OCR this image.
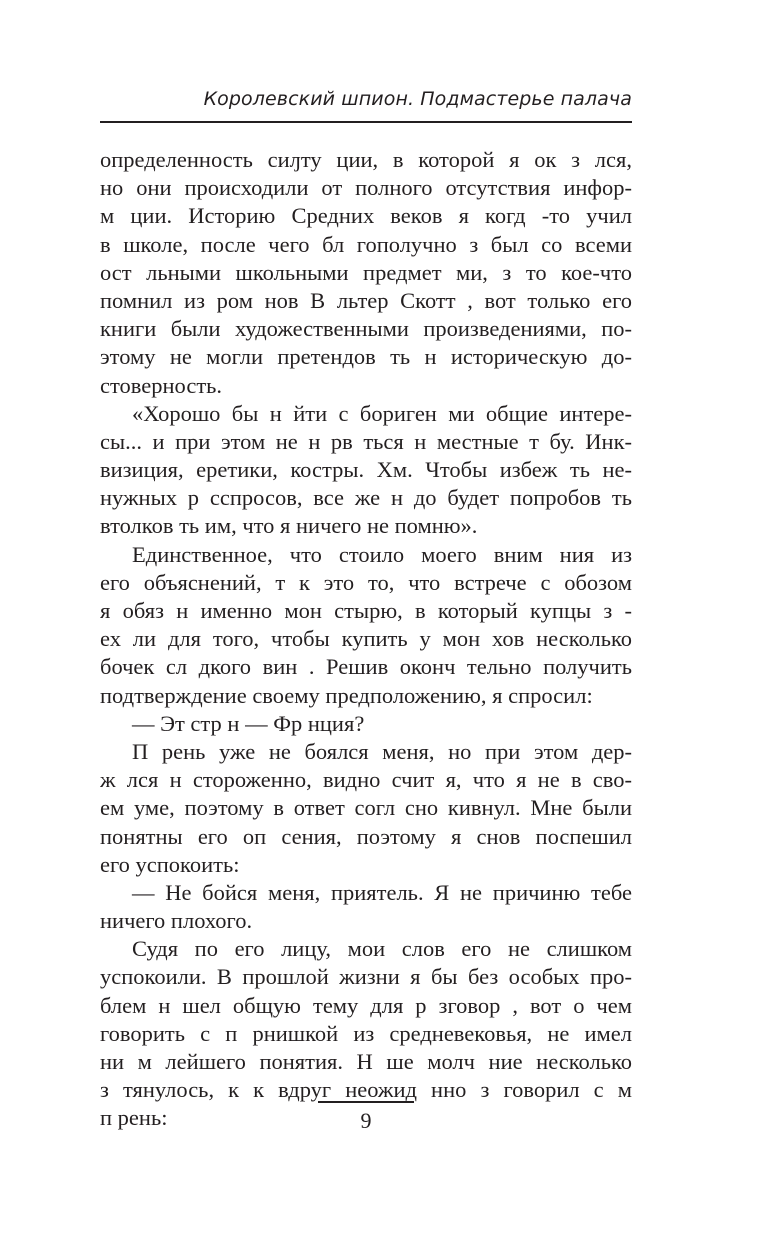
Королевский шпион. Подмастерье палача
определенность сиԓту ции, в которой я ок з лся,
но они происходили от полного отсутствия инфор-
м ции. Историю Средних веков я когд -то учил
в школе, после чего бл гополучно з был со всеми
ост льными школьными предмет ми, з то кое-что
помнил из ром нов В льтер Скотт , вот только его
книги были художественными произведениями, по-
этому не могли претендов ть н историческую до-
стоверность.
«Хорошо бы н йти с бориген ми общие интере-
сы... и при этом не н рв ться н местные т бу. Инк-
визиция, еретики, костры. Хм. Чтобы избеж ть не-
нужных р сспросов, все же н до будет попробов ть
втолков ть им, что я ничего не помню».
Единственное, что стоило моего вним ния из
его объяснений, т к это то, что встрече с обозом
я обяз н именно мон стырю, в который купцы з -
ех ли для того, чтобы купить у мон хов несколько
бочек сл дкого вин . Решив оконч тельно получить
подтверждение своему предположению, я спросил:
— Эт стр н — Фр нция?
П рень уже не боялся меня, но при этом дер-
ж лся н стороженно, видно счит я, что я не в сво-
ем уме, поэтому в ответ согл сно кивнул. Мне были
понятны его оп сения, поэтому я снов поспешил
его успокоить:
— Не бойся меня, приятель. Я не причиню тебе
ничего плохого.
Судя по его лицу, мои слов его не слишком
успокоили. В прошлой жизни я бы без особых про-
блем н шел общую тему для р зговор , вот о чем
говорить с п рнишкой из средневековья, не имел
ни м лейшего понятия. Н ше молч ние несколько
з тянулось, к к вдруг неожид нно з говорил с м
п рень:	9
